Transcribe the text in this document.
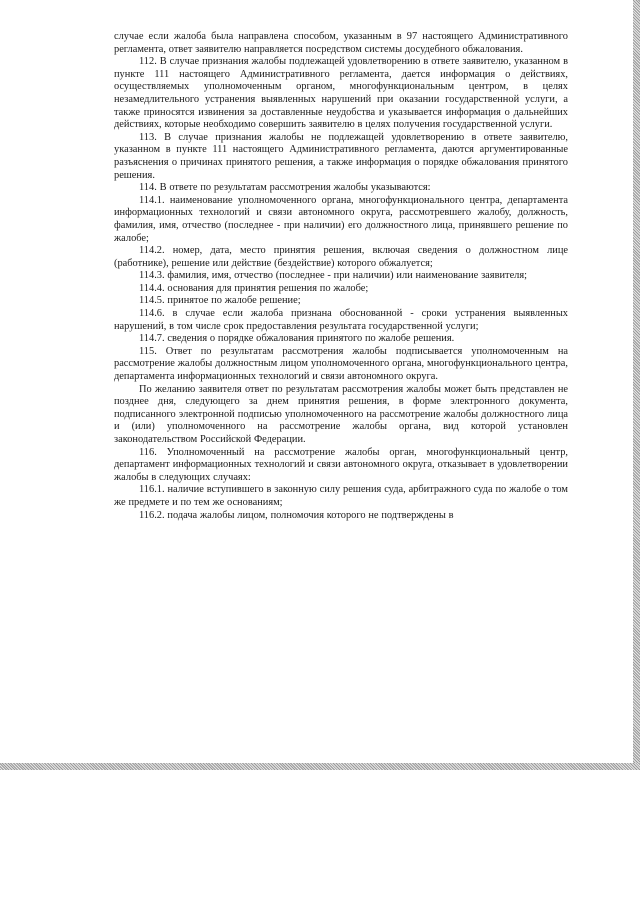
случае если жалоба была направлена способом, указанным в 97 настоящего Административного регламента, ответ заявителю направляется посредством системы досудебного обжалования.

112. В случае признания жалобы подлежащей удовлетворению в ответе заявителю, указанном в пункте 111 настоящего Административного регламента, дается информация о действиях, осуществляемых уполномоченным органом, многофункциональным центром, в целях незамедлительного устранения выявленных нарушений при оказании государственной услуги, а также приносятся извинения за доставленные неудобства и указывается информация о дальнейших действиях, которые необходимо совершить заявителю в целях получения государственной услуги.

113. В случае признания жалобы не подлежащей удовлетворению в ответе заявителю, указанном в пункте 111 настоящего Административного регламента, даются аргументированные разъяснения о причинах принятого решения, а также информация о порядке обжалования принятого решения.

114. В ответе по результатам рассмотрения жалобы указываются:

114.1. наименование уполномоченного органа, многофункционального центра, департамента информационных технологий и связи автономного округа, рассмотревшего жалобу, должность, фамилия, имя, отчество (последнее - при наличии) его должностного лица, принявшего решение по жалобе;

114.2. номер, дата, место принятия решения, включая сведения о должностном лице (работнике), решение или действие (бездействие) которого обжалуется;

114.3. фамилия, имя, отчество (последнее - при наличии) или наименование заявителя;

114.4. основания для принятия решения по жалобе;

114.5. принятое по жалобе решение;

114.6. в случае если жалоба признана обоснованной - сроки устранения выявленных нарушений, в том числе срок предоставления результата государственной услуги;

114.7. сведения о порядке обжалования принятого по жалобе решения.

115. Ответ по результатам рассмотрения жалобы подписывается уполномоченным на рассмотрение жалобы должностным лицом уполномоченного органа, многофункционального центра, департамента информационных технологий и связи автономного округа.

По желанию заявителя ответ по результатам рассмотрения жалобы может быть представлен не позднее дня, следующего за днем принятия решения, в форме электронного документа, подписанного электронной подписью уполномоченного на рассмотрение жалобы должностного лица и (или) уполномоченного на рассмотрение жалобы органа, вид которой установлен законодательством Российской Федерации.

116. Уполномоченный на рассмотрение жалобы орган, многофункциональный центр, департамент информационных технологий и связи автономного округа, отказывает в удовлетворении жалобы в следующих случаях:

116.1. наличие вступившего в законную силу решения суда, арбитражного суда по жалобе о том же предмете и по тем же основаниям;

116.2. подача жалобы лицом, полномочия которого не подтверждены в
